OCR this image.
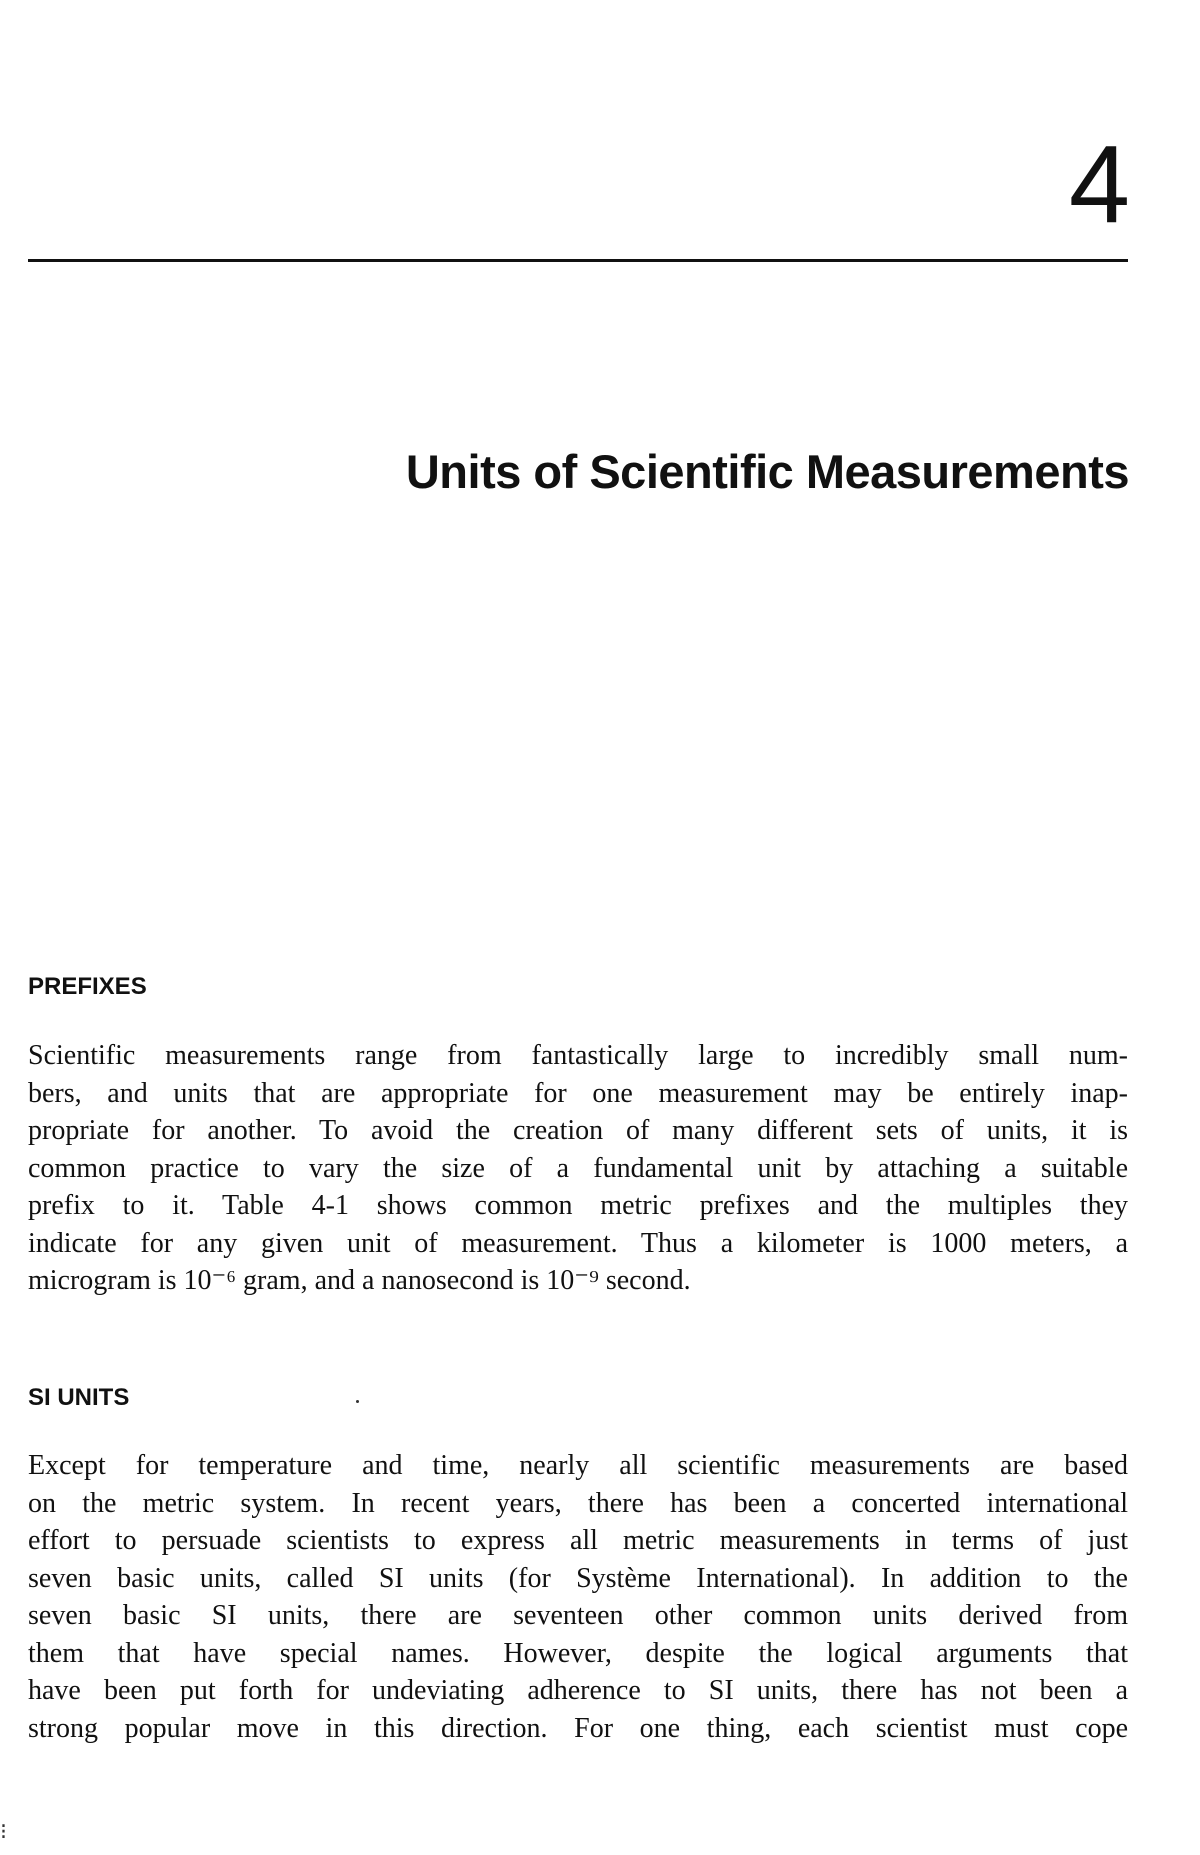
4
Units of Scientific Measurements
PREFIXES
Scientific measurements range from fantastically large to incredibly small num-
bers, and units that are appropriate for one measurement may be entirely inap-
propriate for another. To avoid the creation of many different sets of units, it is
common practice to vary the size of a fundamental unit by attaching a suitable
prefix to it. Table 4-1 shows common metric prefixes and the multiples they
indicate for any given unit of measurement. Thus a kilometer is 1000 meters, a
microgram is 10⁻⁶ gram, and a nanosecond is 10⁻⁹ second.
SI UNITS
Except for temperature and time, nearly all scientific measurements are based
on the metric system. In recent years, there has been a concerted international
effort to persuade scientists to express all metric measurements in terms of just
seven basic units, called SI units (for Système International). In addition to the
seven basic SI units, there are seventeen other common units derived from
them that have special names. However, despite the logical arguments that
have been put forth for undeviating adherence to SI units, there has not been a
strong popular move in this direction. For one thing, each scientist must cope
⁝
